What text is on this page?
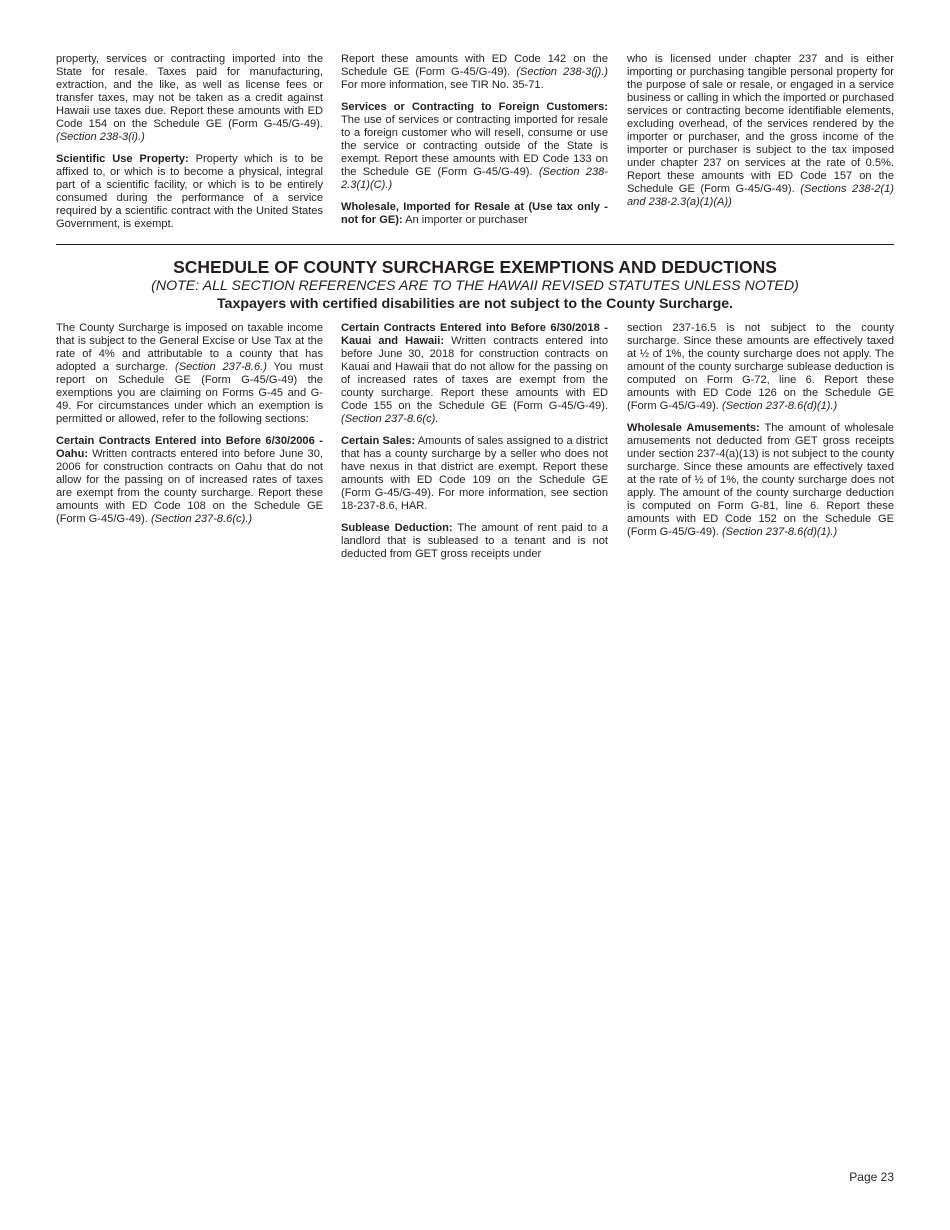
property, services or contracting imported into the State for resale. Taxes paid for manufacturing, extraction, and the like, as well as license fees or transfer taxes, may not be taken as a credit against Hawaii use taxes due. Report these amounts with ED Code 154 on the Schedule GE (Form G-45/G-49). (Section 238-3(i).)

Scientific Use Property: Property which is to be affixed to, or which is to become a physical, integral part of a scientific facility, or which is to be entirely consumed during the performance of a service required by a scientific contract with the United States Government, is exempt.

Report these amounts with ED Code 142 on the Schedule GE (Form G-45/G-49). (Section 238-3(j).) For more information, see TIR No. 35-71.

Services or Contracting to Foreign Customers: The use of services or contracting imported for resale to a foreign customer who will resell, consume or use the service or contracting outside of the State is exempt. Report these amounts with ED Code 133 on the Schedule GE (Form G-45/G-49). (Section 238-2.3(1)(C).)

Wholesale, Imported for Resale at (Use tax only - not for GE): An importer or purchaser

who is licensed under chapter 237 and is either importing or purchasing tangible personal property for the purpose of sale or resale, or engaged in a service business or calling in which the imported or purchased services or contracting become identifiable elements, excluding overhead, of the services rendered by the importer or purchaser, and the gross income of the importer or purchaser is subject to the tax imposed under chapter 237 on services at the rate of 0.5%. Report these amounts with ED Code 157 on the Schedule GE (Form G-45/G-49). (Sections 238-2(1) and 238-2.3(a)(1)(A))

SCHEDULE OF COUNTY SURCHARGE EXEMPTIONS AND DEDUCTIONS
(NOTE: ALL SECTION REFERENCES ARE TO THE HAWAII REVISED STATUTES UNLESS NOTED)
Taxpayers with certified disabilities are not subject to the County Surcharge.

The County Surcharge is imposed on taxable income that is subject to the General Excise or Use Tax at the rate of 4% and attributable to a county that has adopted a surcharge. (Section 237-8.6.) You must report on Schedule GE (Form G-45/G-49) the exemptions you are claiming on Forms G-45 and G-49. For circumstances under which an exemption is permitted or allowed, refer to the following sections:

Certain Contracts Entered into Before 6/30/2006 - Oahu: Written contracts entered into before June 30, 2006 for construction contracts on Oahu that do not allow for the passing on of increased rates of taxes are exempt from the county surcharge. Report these amounts with ED Code 108 on the Schedule GE (Form G-45/G-49). (Section 237-8.6(c).)

Certain Contracts Entered into Before 6/30/2018 - Kauai and Hawaii: Written contracts entered into before June 30, 2018 for construction contracts on Kauai and Hawaii that do not allow for the passing on of increased rates of taxes are exempt from the county surcharge. Report these amounts with ED Code 155 on the Schedule GE (Form G-45/G-49). (Section 237-8.6(c).

Certain Sales: Amounts of sales assigned to a district that has a county surcharge by a seller who does not have nexus in that district are exempt. Report these amounts with ED Code 109 on the Schedule GE (Form G-45/G-49). For more information, see section 18-237-8.6, HAR.

Sublease Deduction: The amount of rent paid to a landlord that is subleased to a tenant and is not deducted from GET gross receipts under

section 237-16.5 is not subject to the county surcharge. Since these amounts are effectively taxed at ½ of 1%, the county surcharge does not apply. The amount of the county surcharge sublease deduction is computed on Form G-72, line 6. Report these amounts with ED Code 126 on the Schedule GE (Form G-45/G-49). (Section 237-8.6(d)(1).)

Wholesale Amusements: The amount of wholesale amusements not deducted from GET gross receipts under section 237-4(a)(13) is not subject to the county surcharge. Since these amounts are effectively taxed at the rate of ½ of 1%, the county surcharge does not apply. The amount of the county surcharge deduction is computed on Form G-81, line 6. Report these amounts with ED Code 152 on the Schedule GE (Form G-45/G-49). (Section 237-8.6(d)(1).)

Page 23
